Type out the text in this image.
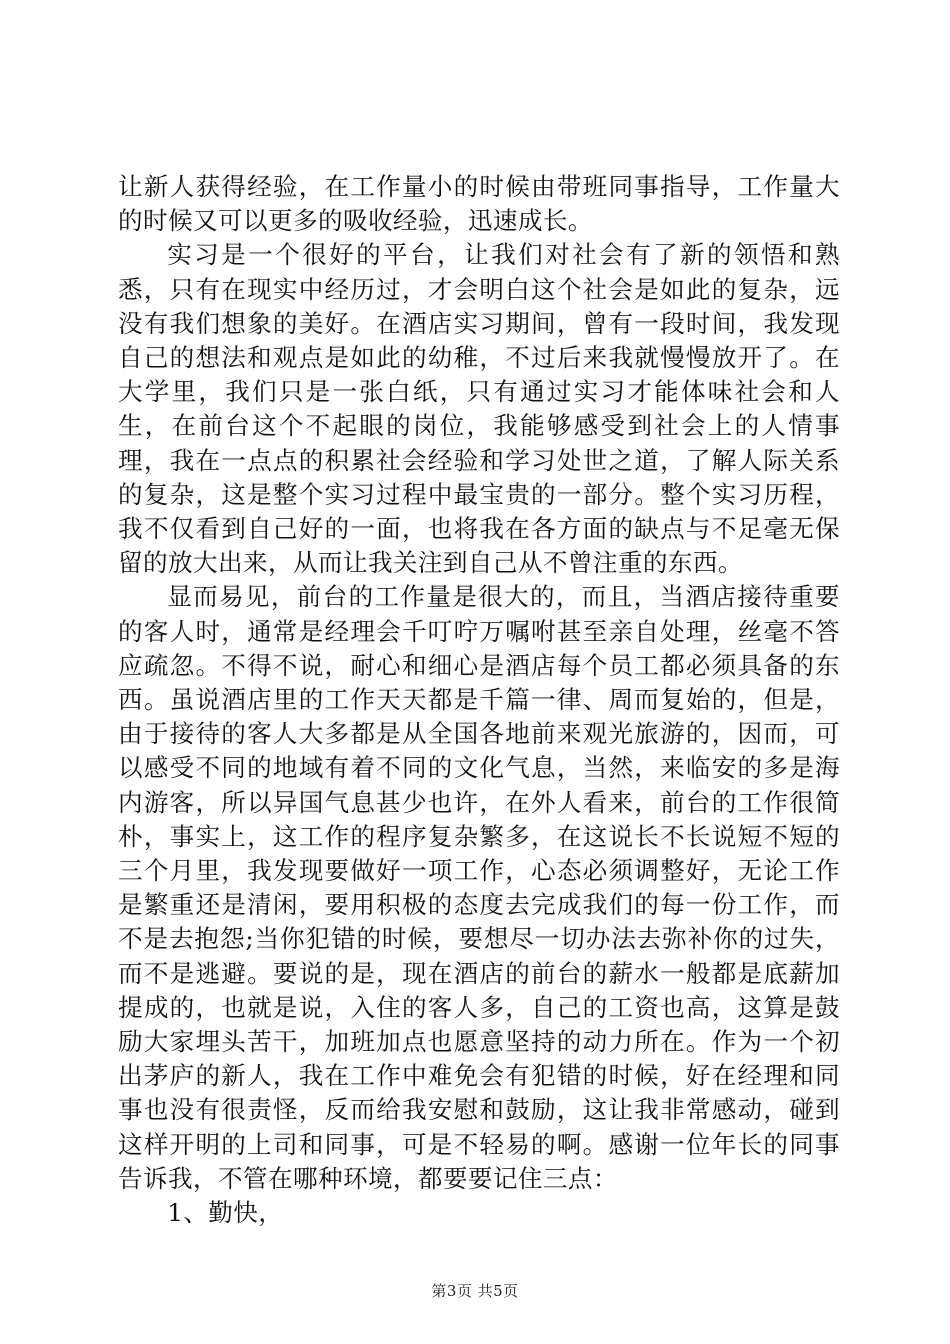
让新人获得经验，在工作量小的时候由带班同事指导，工作量大的时候又可以更多的吸收经验，迅速成长。

实习是一个很好的平台，让我们对社会有了新的领悟和熟悉，只有在现实中经历过，才会明白这个社会是如此的复杂，远没有我们想象的美好。在酒店实习期间，曾有一段时间，我发现自己的想法和观点是如此的幼稚，不过后来我就慢慢放开了。在大学里，我们只是一张白纸，只有通过实习才能体味社会和人生，在前台这个不起眼的岗位，我能够感受到社会上的人情事理，我在一点点的积累社会经验和学习处世之道，了解人际关系的复杂，这是整个实习过程中最宝贵的一部分。整个实习历程，我不仅看到自己好的一面，也将我在各方面的缺点与不足毫无保留的放大出来，从而让我关注到自己从不曾注重的东西。

显而易见，前台的工作量是很大的，而且，当酒店接待重要的客人时，通常是经理会千叮咛万嘱咐甚至亲自处理，丝毫不答应疏忽。不得不说，耐心和细心是酒店每个员工都必须具备的东西。虽说酒店里的工作天天都是千篇一律、周而复始的，但是，由于接待的客人大多都是从全国各地前来观光旅游的，因而，可以感受不同的地域有着不同的文化气息，当然，来临安的多是海内游客，所以异国气息甚少也许，在外人看来，前台的工作很简朴，事实上，这工作的程序复杂繁多，在这说长不长说短不短的三个月里，我发现要做好一项工作，心态必须调整好，无论工作是繁重还是清闲，要用积极的态度去完成我们的每一份工作，而不是去抱怨;当你犯错的时候，要想尽一切办法去弥补你的过失，而不是逃避。要说的是，现在酒店的前台的薪水一般都是底薪加提成的，也就是说，入住的客人多，自己的工资也高，这算是鼓励大家埋头苦干，加班加点也愿意坚持的动力所在。作为一个初出茅庐的新人，我在工作中难免会有犯错的时候，好在经理和同事也没有很责怪，反而给我安慰和鼓励，这让我非常感动，碰到这样开明的上司和同事，可是不轻易的啊。感谢一位年长的同事告诉我，不管在哪种环境，都要要记住三点：

1、勤快，

第3页 共5页
